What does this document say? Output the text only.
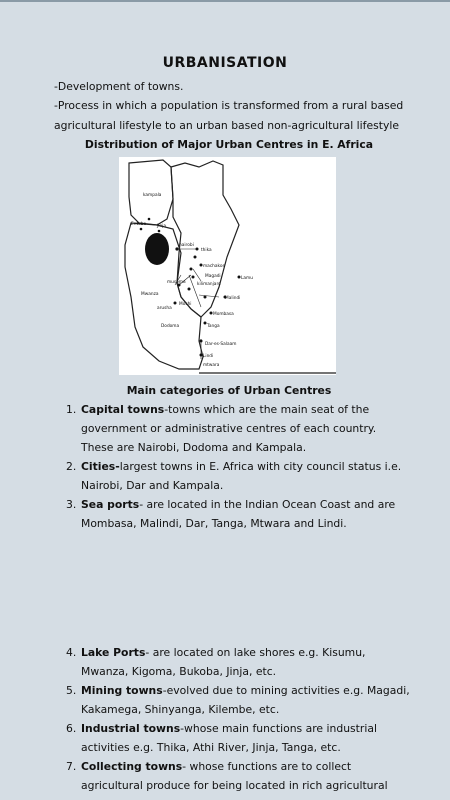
URBANISATION
-Development of towns.
-Process in which a population is transformed from a rural based
agricultural lifestyle to an urban based non-agricultural lifestyle
Distribution of Major Urban Centres in E. Africa
kampala
Entebe	Jinja
nairobi
thika
machakos
Magadi
kilimanjaro
musoma
Mwanza
arusha
Moshi
Dodoma
Lamu
Malindi
Mombasa
Tanga
Dar-es-Salaam
Lindi
mtwara
Main categories of Urban Centres
1. Capital towns-towns which are the main seat of the
government or administrative centres of each country.
These are Nairobi, Dodoma and Kampala.
2. Cities-largest towns in E. Africa with city council status i.e.
Nairobi, Dar and Kampala.
3. Sea ports- are located in the Indian Ocean Coast and are
Mombasa, Malindi, Dar, Tanga, Mtwara and Lindi.
4. Lake Ports- are located on lake shores e.g. Kisumu,
Mwanza, Kigoma, Bukoba, Jinja, etc.
5. Mining towns-evolved due to mining activities e.g. Magadi,
Kakamega, Shinyanga, Kilembe, etc.
6. Industrial towns-whose main functions are industrial
activities e.g. Thika, Athi River, Jinja, Tanga, etc.
7. Collecting towns- whose functions are to collect
agricultural produce for being located in rich agricultural
